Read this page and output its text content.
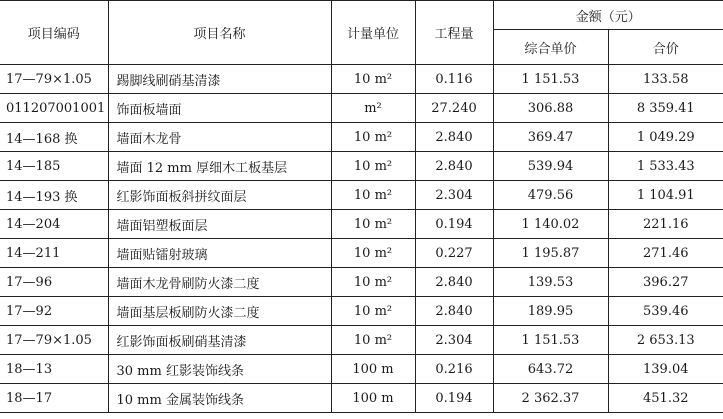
项目编码	项目名称	计量单位	工程量	金额（元）	
				综合单价	合价
17—79×1.05	踢脚线刷硝基清漆	10 m²	0.116	1 151.53	133.58
011207001001	饰面板墙面	m²	27.240	306.88	8 359.41
14—168 换	墙面木龙骨	10 m²	2.840	369.47	1 049.29
14—185	墙面 12 mm 厚细木工板基层	10 m²	2.840	539.94	1 533.43
14—193 换	红影饰面板斜拼纹面层	10 m²	2.304	479.56	1 104.91
14—204	墙面铝塑板面层	10 m²	0.194	1 140.02	221.16
14—211	墙面贴镭射玻璃	10 m²	0.227	1 195.87	271.46
17—96	墙面木龙骨刷防火漆二度	10 m²	2.840	139.53	396.27
17—92	墙面基层板刷防火漆二度	10 m²	2.840	189.95	539.46
17—79×1.05	红影饰面板刷硝基清漆	10 m²	2.304	1 151.53	2 653.13
18—13	30 mm 红影装饰线条	100 m	0.216	643.72	139.04
18—17	10 mm 金属装饰线条	100 m	0.194	2 362.37	451.32
